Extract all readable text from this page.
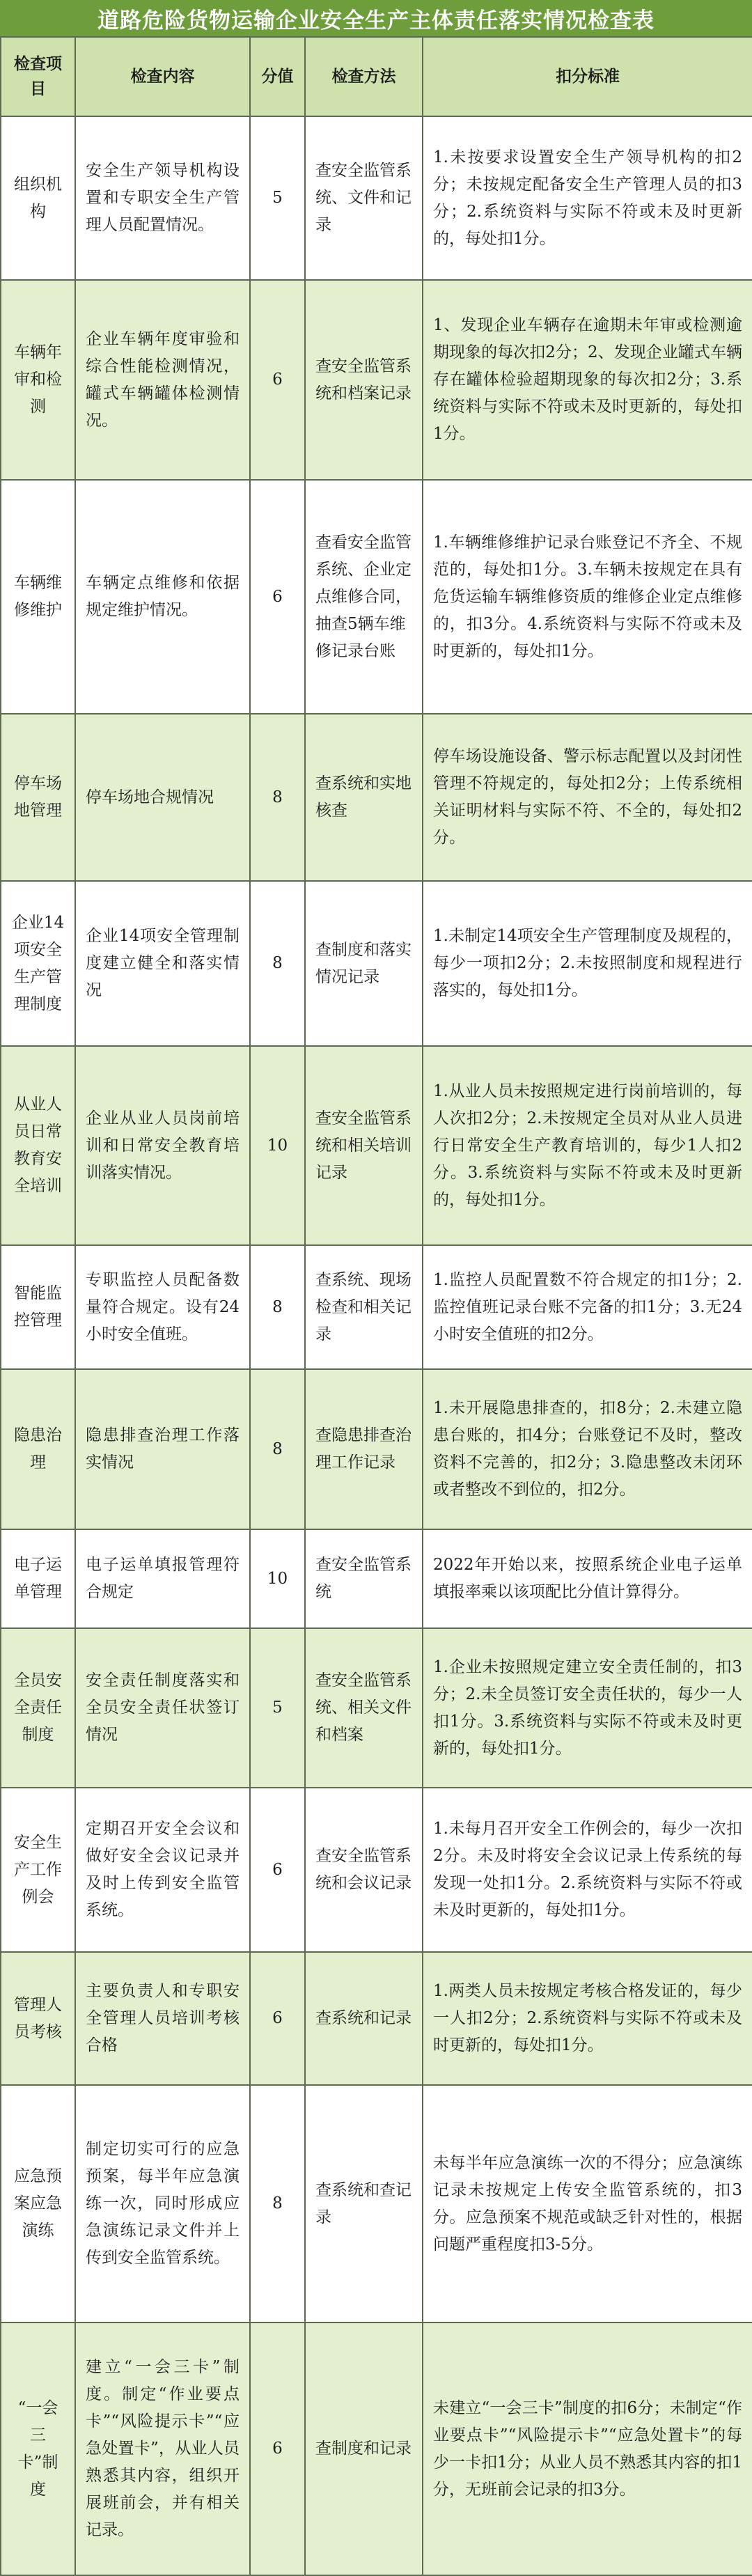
道路危险货物运输企业安全生产主体责任落实情况检查表
检查项目	检查内容	分值	检查方法	扣分标准
组织机构	安全生产领导机构设置和专职安全生产管理人员配置情况。	5	查安全监管系统、文件和记录	1.未按要求设置安全生产领导机构的扣2分；未按规定配备安全生产管理人员的扣3分；2.系统资料与实际不符或未及时更新的，每处扣1分。
车辆年审和检测	企业车辆年度审验和综合性能检测情况，罐式车辆罐体检测情况。	6	查安全监管系统和档案记录	1、发现企业车辆存在逾期未年审或检测逾期现象的每次扣2分；2、发现企业罐式车辆存在罐体检验超期现象的每次扣2分；3.系统资料与实际不符或未及时更新的，每处扣1分。
车辆维修维护	车辆定点维修和依据规定维护情况。	6	查看安全监管系统、企业定点维修合同，抽查5辆车维修记录台账	1.车辆维修维护记录台账登记不齐全、不规范的，每处扣1分。3.车辆未按规定在具有危货运输车辆维修资质的维修企业定点维修的，扣3分。4.系统资料与实际不符或未及时更新的，每处扣1分。
停车场地管理	停车场地合规情况	8	查系统和实地核查	停车场设施设备、警示标志配置以及封闭性管理不符规定的，每处扣2分；上传系统相关证明材料与实际不符、不全的，每处扣2分。
企业14项安全生产管理制度	企业14项安全管理制度建立健全和落实情况	8	查制度和落实情况记录	1.未制定14项安全生产管理制度及规程的，每少一项扣2分；2.未按照制度和规程进行落实的，每处扣1分。
从业人员日常教育安全培训	企业从业人员岗前培训和日常安全教育培训落实情况。	10	查安全监管系统和相关培训记录	1.从业人员未按照规定进行岗前培训的，每人次扣2分；2.未按规定全员对从业人员进行日常安全生产教育培训的，每少1人扣2分。3.系统资料与实际不符或未及时更新的，每处扣1分。
智能监控管理	专职监控人员配备数量符合规定。设有24小时安全值班。	8	查系统、现场检查和相关记录	1.监控人员配置数不符合规定的扣1分；2.监控值班记录台账不完备的扣1分；3.无24小时安全值班的扣2分。
隐患治理	隐患排查治理工作落实情况	8	查隐患排查治理工作记录	1.未开展隐患排查的，扣8分；2.未建立隐患台账的，扣4分；台账登记不及时，整改资料不完善的，扣2分；3.隐患整改未闭环或者整改不到位的，扣2分。
电子运单管理	电子运单填报管理符合规定	10	查安全监管系统	2022年开始以来，按照系统企业电子运单填报率乘以该项配比分值计算得分。
全员安全责任制度	安全责任制度落实和全员安全责任状签订情况	5	查安全监管系统、相关文件和档案	1.企业未按照规定建立安全责任制的，扣3分；2.未全员签订安全责任状的，每少一人扣1分。3.系统资料与实际不符或未及时更新的，每处扣1分。
安全生产工作例会	定期召开安全会议和做好安全会议记录并及时上传到安全监管系统。	6	查安全监管系统和会议记录	1.未每月召开安全工作例会的，每少一次扣2分。未及时将安全会议记录上传系统的每发现一处扣1分。2.系统资料与实际不符或未及时更新的，每处扣1分。
管理人员考核	主要负责人和专职安全管理人员培训考核合格	6	查系统和记录	1.两类人员未按规定考核合格发证的，每少一人扣2分；2.系统资料与实际不符或未及时更新的，每处扣1分。
应急预案应急演练	制定切实可行的应急预案，每半年应急演练一次，同时形成应急演练记录文件并上传到安全监管系统。	8	查系统和查记录	未每半年应急演练一次的不得分；应急演练记录未按规定上传安全监管系统的，扣3分。应急预案不规范或缺乏针对性的，根据问题严重程度扣3-5分。
“一会三卡”制度	建立“一会三卡”制度。制定“作业要点卡”“风险提示卡”“应急处置卡”，从业人员熟悉其内容，组织开展班前会，并有相关记录。	6	查制度和记录	未建立“一会三卡”制度的扣6分；未制定“作业要点卡”“风险提示卡”“应急处置卡”的每少一卡扣1分；从业人员不熟悉其内容的扣1分，无班前会记录的扣3分。
